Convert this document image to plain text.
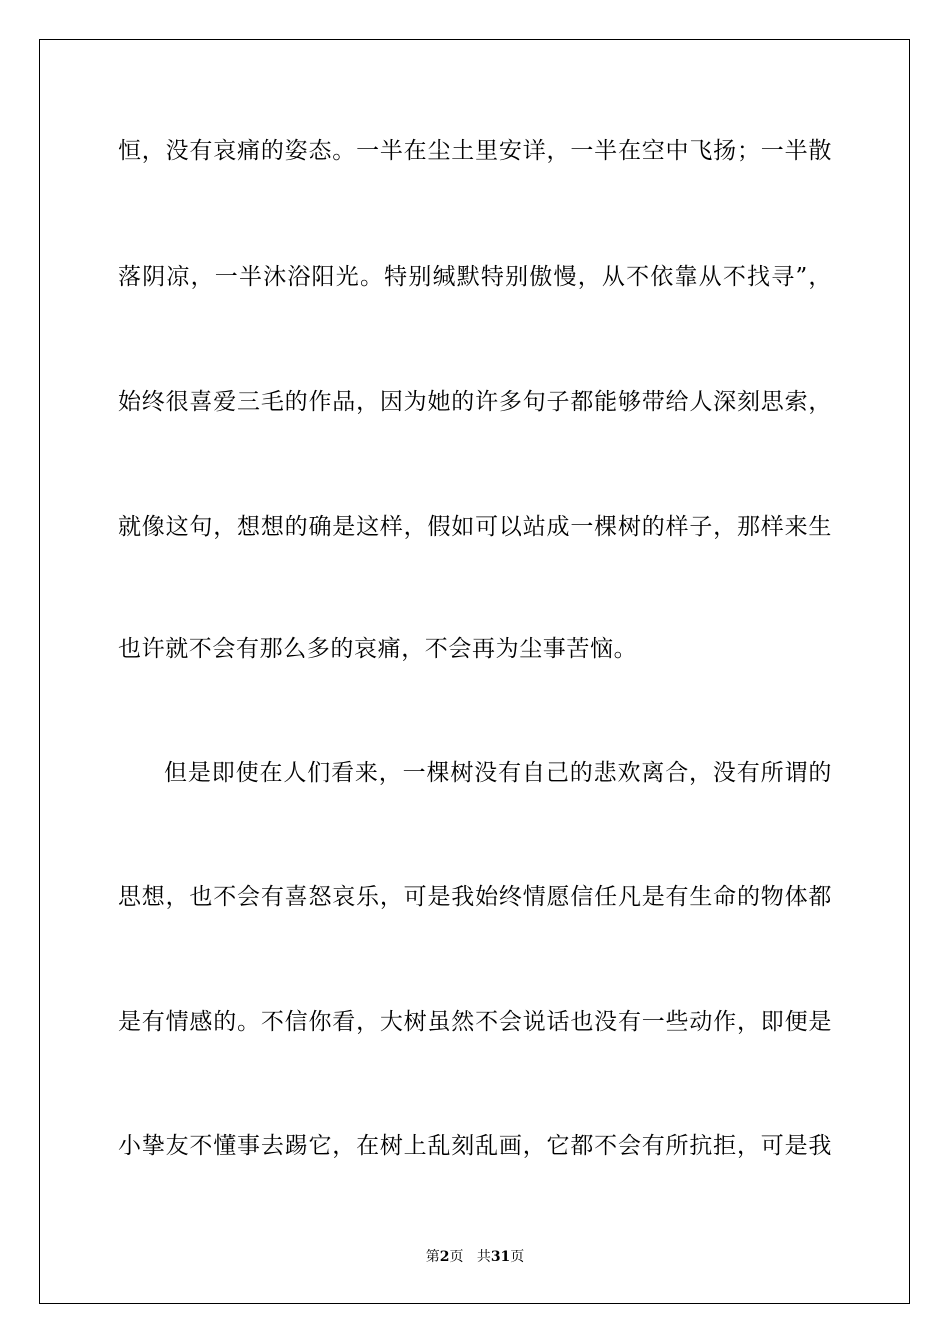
恒，没有哀痛的姿态。一半在尘土里安详，一半在空中飞扬；一半散
落阴凉，一半沐浴阳光。特别缄默特别傲慢，从不依靠从不找寻”，
始终很喜爱三毛的作品，因为她的许多句子都能够带给人深刻思索，
就像这句，想想的确是这样，假如可以站成一棵树的样子，那样来生
也许就不会有那么多的哀痛，不会再为尘事苦恼。
但是即使在人们看来，一棵树没有自己的悲欢离合，没有所谓的
思想，也不会有喜怒哀乐，可是我始终情愿信任凡是有生命的物体都
是有情感的。不信你看，大树虽然不会说话也没有一些动作，即便是
小挚友不懂事去踢它，在树上乱刻乱画，它都不会有所抗拒，可是我
第2页 共31页
